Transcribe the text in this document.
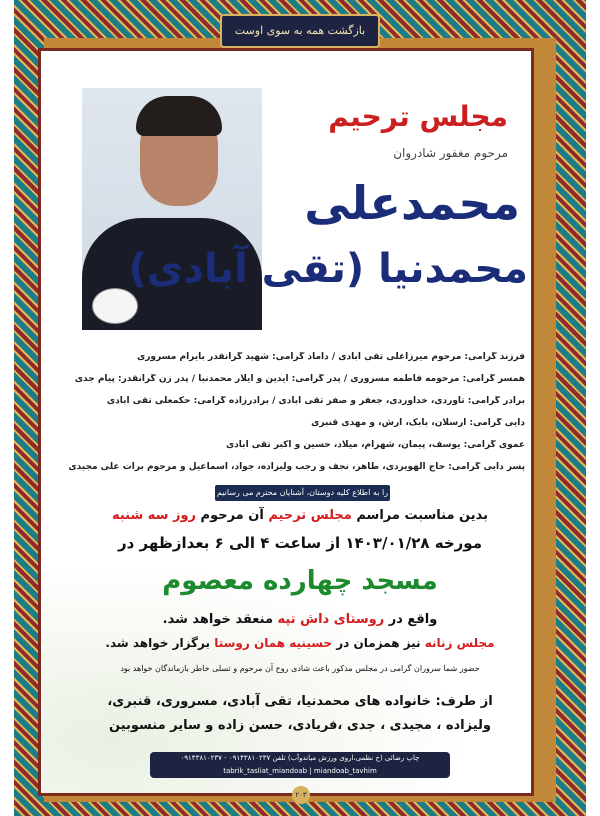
بازگشت همه به سوی اوست
مجلس ترحیم
مرحوم مغفور شادروان
محمدعلی
محمدنیا (تقی آبادی)
فرزند گرامی: مرحوم میرزاعلی تقی آبادی / داماد گرامی: شهید گرانقدر بایرام مسروری
همسر گرامی: مرحومه فاطمه مسروری / پدر گرامی: آیدین و آیلار محمدنیا / پدر زن گرانقدر: پیام جدی
برادر گرامی: تاوردی، خداوردی، جعفر و صفر تقی آبادی / برادرزاده گرامی: حکمعلی تقی آبادی
دایی گرامی: ارسلان، بابک، آرش، و مهدی قنبری
عموی گرامی: یوسف، پیمان، شهرام، میلاد، حسین و اکبر تقی آبادی
پسر دایی گرامی: حاج الهویردی، طاهر، نجف و رجب ولیزاده، جواد، اسماعیل و مرحوم برات علی مجیدی
را به اطلاع کلیه دوستان، آشنایان محترم می رسانیم
بدین مناسبت مراسم مجلس ترحیم آن مرحوم روز سه شنبه
مورخه ۱۴۰۳/۰۱/۲۸ از ساعت ۴ الی ۶ بعدازظهر در
مسجد چهارده معصوم
واقع در روستای داش تپه منعقد خواهد شد.
مجلس زنانه نیز همزمان در حسینیه همان روستا برگزار خواهد شد.
حضور شما سروران گرامی در مجلس مذکور باعث شادی روح آن مرحوم و تسلی خاطر بازماندگان خواهد بود
از طرف: خانواده های محمدنیا، تقی آبادی، مسروری، قنبری،
ولیزاده ، مجیدی ، جدی ،فریادی، حسن زاده و سایر منسوبین
چاپ رضائی (خ نظمی،اروی ورزش میاندوآب) تلفن ۰۹۱۴۳۸۱۰۲۳۷ - ۰۹۱۴۳۸۱۰۲۳۷
tabrik_tasliat_miandoab | miandoab_tavhim
۲۰۳
